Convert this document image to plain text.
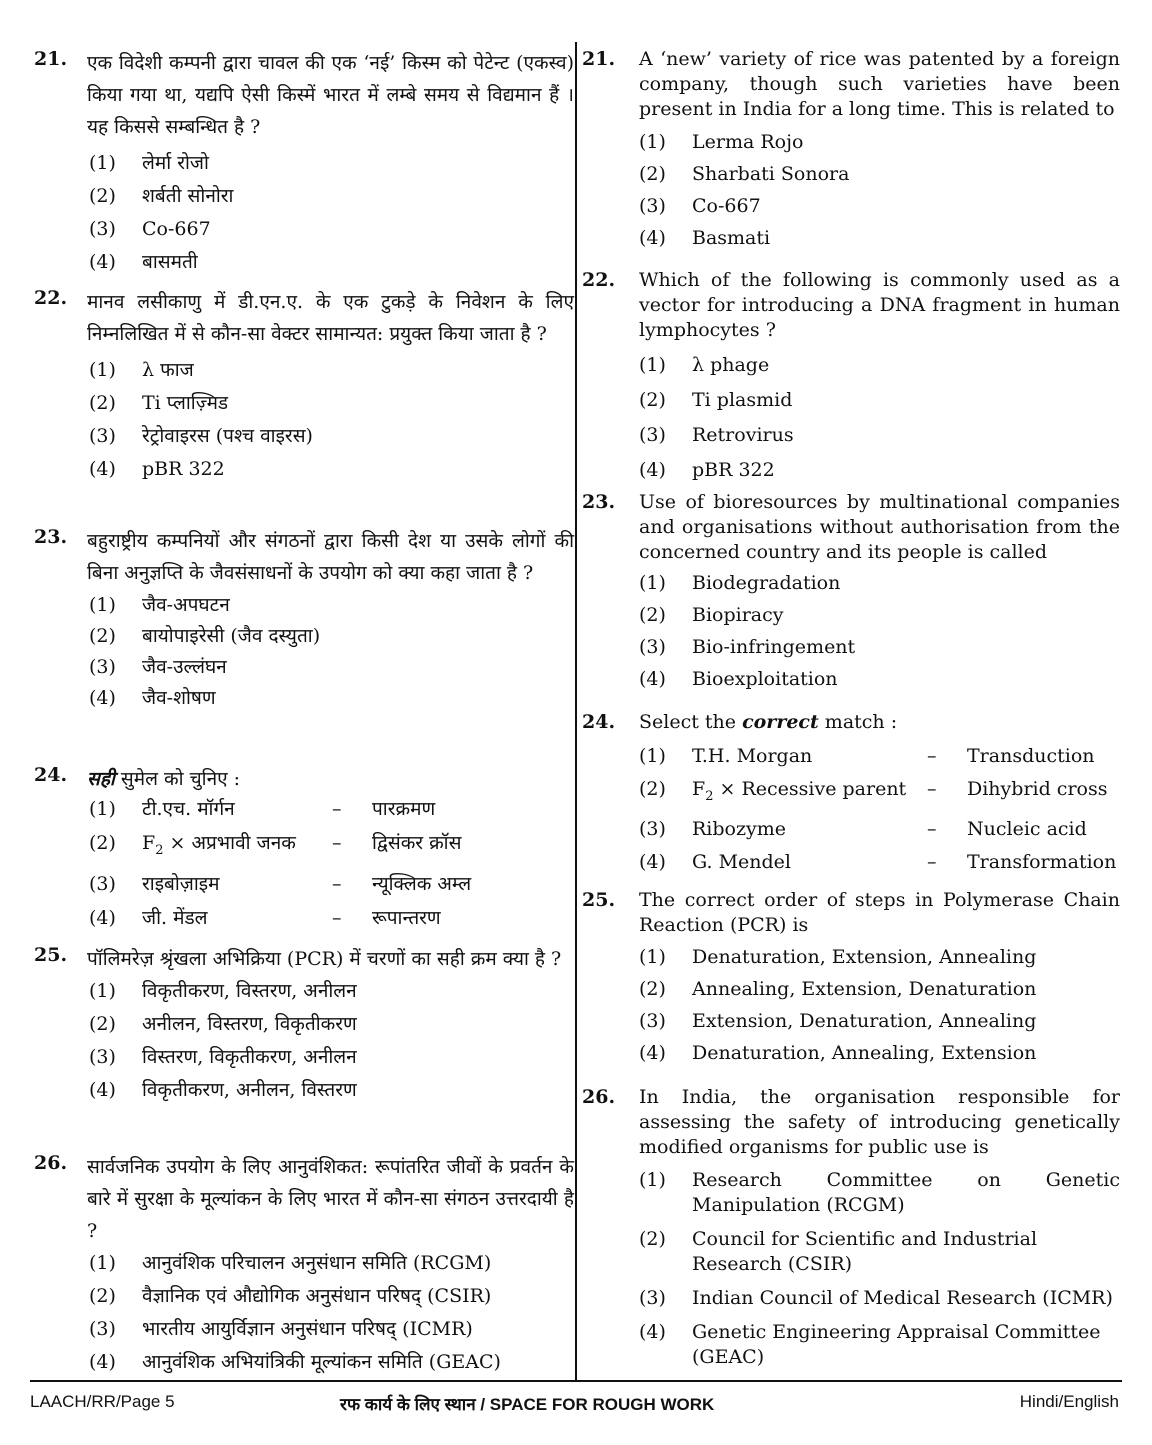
21. एक विदेशी कम्पनी द्वारा चावल की एक ‘नई’ किस्म को पेटेन्ट (एकस्व) किया गया था, यद्यपि ऐसी किस्में भारत में लम्बे समय से विद्यमान हैं । यह किससे सम्बन्धित है ?
(1)	लेर्मा रोजो
(2)	शर्बती सोनोरा
(3)	Co-667
(4)	बासमती
22. मानव लसीकाणु में डी.एन.ए. के एक टुकड़े के निवेशन के लिए निम्नलिखित में से कौन-सा वेक्टर सामान्यत: प्रयुक्त किया जाता है ?
(1)	λ फाज
(2)	Ti प्लाज़्मिड
(3)	रेट्रोवाइरस (पश्च वाइरस)
(4)	pBR 322
23. बहुराष्ट्रीय कम्पनियों और संगठनों द्वारा किसी देश या उसके लोगों की बिना अनुज्ञप्ति के जैवसंसाधनों के उपयोग को क्या कहा जाता है ?
(1)	जैव-अपघटन
(2)	बायोपाइरेसी (जैव दस्युता)
(3)	जैव-उल्लंघन
(4)	जैव-शोषण
24. सही सुमेल को चुनिए :
(1)	टी.एच. मॉर्गन	–	पारक्रमण
(2)	$F_2$ × अप्रभावी जनक	–	द्विसंकर क्रॉस
(3)	राइबोज़ाइम	–	न्यूक्लिक अम्ल
(4)	जी. मेंडल	–	रूपान्तरण
25. पॉलिमरेज़ श्रृंखला अभिक्रिया (PCR) में चरणों का सही क्रम क्या है ?
(1)	विकृतीकरण, विस्तरण, अनीलन
(2)	अनीलन, विस्तरण, विकृतीकरण
(3)	विस्तरण, विकृतीकरण, अनीलन
(4)	विकृतीकरण, अनीलन, विस्तरण
26. सार्वजनिक उपयोग के लिए आनुवंशिकत: रूपांतरित जीवों के प्रवर्तन के बारे में सुरक्षा के मूल्यांकन के लिए भारत में कौन-सा संगठन उत्तरदायी है ?
(1)	आनुवंशिक परिचालन अनुसंधान समिति (RCGM)
(2)	वैज्ञानिक एवं औद्योगिक अनुसंधान परिषद् (CSIR)
(3)	भारतीय आयुर्विज्ञान अनुसंधान परिषद् (ICMR)
(4)	आनुवंशिक अभियांत्रिकी मूल्यांकन समिति (GEAC)
21. A ‘new’ variety of rice was patented by a foreign company, though such varieties have been present in India for a long time. This is related to
(1)	Lerma Rojo
(2)	Sharbati Sonora
(3)	Co-667
(4)	Basmati
22. Which of the following is commonly used as a vector for introducing a DNA fragment in human lymphocytes ?
(1)	λ phage
(2)	Ti plasmid
(3)	Retrovirus
(4)	pBR 322
23. Use of bioresources by multinational companies and organisations without authorisation from the concerned country and its people is called
(1)	Biodegradation
(2)	Biopiracy
(3)	Bio-infringement
(4)	Bioexploitation
24. Select the correct match :
(1)	T.H. Morgan	–	Transduction
(2)	$F_2$ × Recessive parent	–	Dihybrid cross
(3)	Ribozyme	–	Nucleic acid
(4)	G. Mendel	–	Transformation
25. The correct order of steps in Polymerase Chain Reaction (PCR) is
(1)	Denaturation, Extension, Annealing
(2)	Annealing, Extension, Denaturation
(3)	Extension, Denaturation, Annealing
(4)	Denaturation, Annealing, Extension
26. In India, the organisation responsible for assessing the safety of introducing genetically modified organisms for public use is
(1)	Research Committee on Genetic Manipulation (RCGM)
(2)	Council for Scientific and Industrial Research (CSIR)
(3)	Indian Council of Medical Research (ICMR)
(4)	Genetic Engineering Appraisal Committee (GEAC)
LAACH/RR/Page 5	रफ कार्य के लिए स्थान / SPACE FOR ROUGH WORK	Hindi/English
